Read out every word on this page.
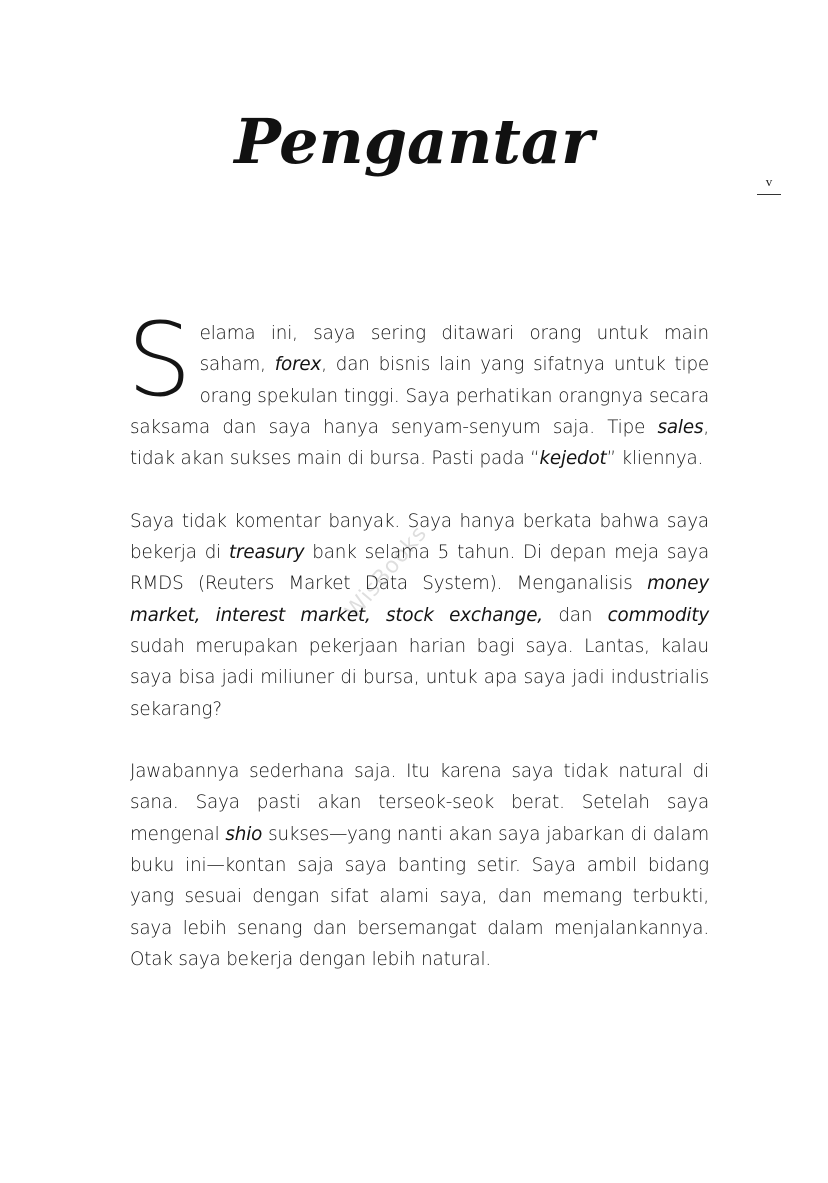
Pengantar
v

S elama ini, saya sering ditawari orang untuk main saham, forex, dan bisnis lain yang sifatnya untuk tipe orang spekulan tinggi. Saya perhatikan orangnya secara saksama dan saya hanya senyam-senyum saja. Tipe sales, tidak akan sukses main di bursa. Pasti pada “kejedot” kliennya.

Saya tidak komentar banyak. Saya hanya berkata bahwa saya bekerja di treasury bank selama 5 tahun. Di depan meja saya RMDS (Reuters Market Data System). Menganalisis money market, interest market, stock exchange, dan commodity sudah merupakan pekerjaan harian bagi saya. Lantas, kalau saya bisa jadi miliuner di bursa, untuk apa saya jadi industrialis sekarang?

Jawabannya sederhana saja. Itu karena saya tidak natural di sana. Saya pasti akan terseok-seok berat. Setelah saya mengenal shio sukses—yang nanti akan saya jabarkan di dalam buku ini—kontan saja saya banting setir. Saya ambil bidang yang sesuai dengan sifat alami saya, dan memang terbukti, saya lebih senang dan bersemangat dalam menjalankannya. Otak saya bekerja dengan lebih natural.

WisBooks
